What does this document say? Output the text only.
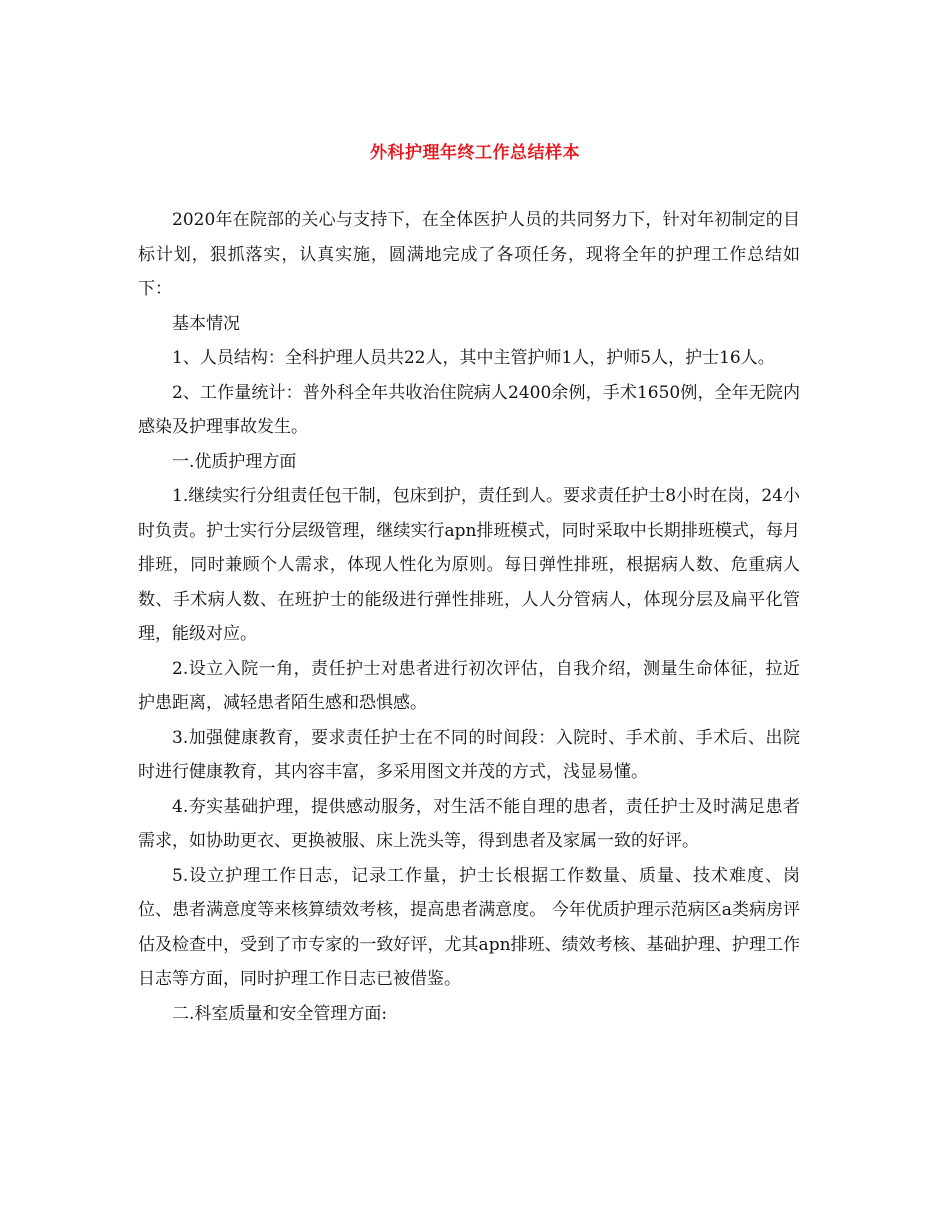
外科护理年终工作总结样本

2020年在院部的关心与支持下，在全体医护人员的共同努力下，针对年初制定的目标计划，狠抓落实，认真实施，圆满地完成了各项任务，现将全年的护理工作总结如下：

基本情况

1、人员结构：全科护理人员共22人，其中主管护师1人，护师5人，护士16人。

2、工作量统计：普外科全年共收治住院病人2400余例，手术1650例，全年无院内感染及护理事故发生。

一.优质护理方面

1.继续实行分组责任包干制，包床到护，责任到人。要求责任护士8小时在岗，24小时负责。护士实行分层级管理，继续实行apn排班模式，同时采取中长期排班模式，每月排班，同时兼顾个人需求，体现人性化为原则。每日弹性排班，根据病人数、危重病人数、手术病人数、在班护士的能级进行弹性排班，人人分管病人，体现分层及扁平化管理，能级对应。

2.设立入院一角，责任护士对患者进行初次评估，自我介绍，测量生命体征，拉近护患距离，减轻患者陌生感和恐惧感。

3.加强健康教育，要求责任护士在不同的时间段：入院时、手术前、手术后、出院时进行健康教育，其内容丰富，多采用图文并茂的方式，浅显易懂。

4.夯实基础护理，提供感动服务，对生活不能自理的患者，责任护士及时满足患者需求，如协助更衣、更换被服、床上洗头等，得到患者及家属一致的好评。

5.设立护理工作日志，记录工作量，护士长根据工作数量、质量、技术难度、岗位、患者满意度等来核算绩效考核，提高患者满意度。 今年优质护理示范病区a类病房评估及检查中，受到了市专家的一致好评，尤其apn排班、绩效考核、基础护理、护理工作日志等方面，同时护理工作日志已被借鉴。

二.科室质量和安全管理方面:
